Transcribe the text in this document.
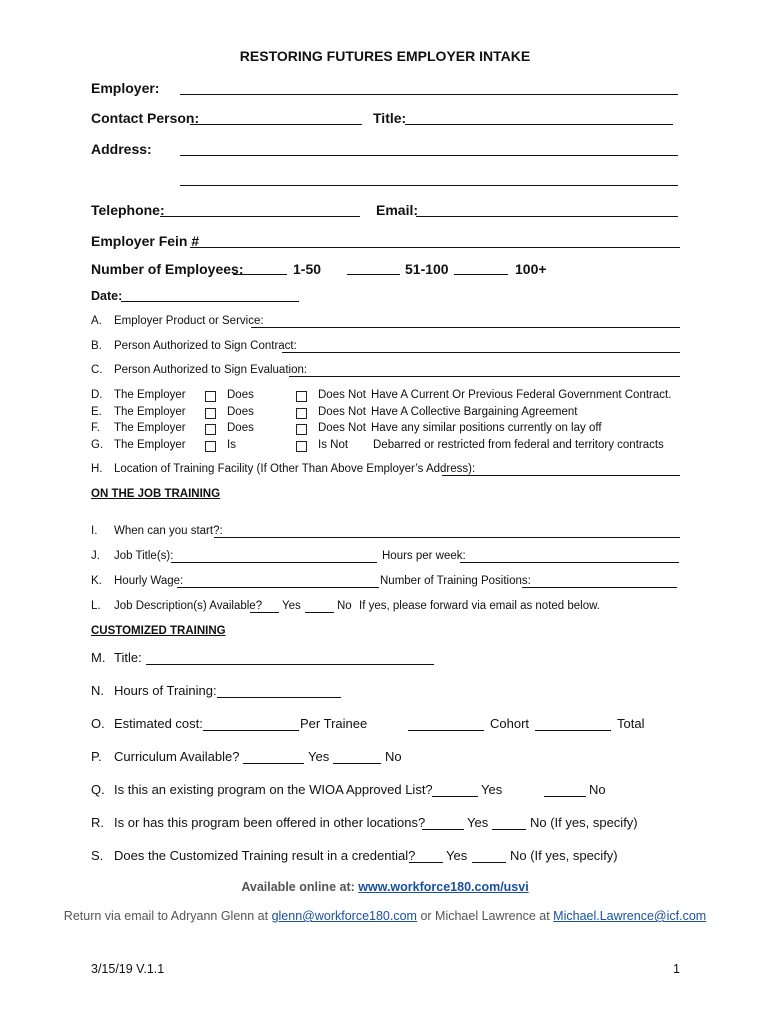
RESTORING FUTURES EMPLOYER INTAKE
Employer:
Contact Person:	Title:
Address:
Telephone:	Email:
Employer Fein #
Number of Employees:	1-50	51-100	100+
Date:
A. Employer Product or Service:
B. Person Authorized to Sign Contract:
C. Person Authorized to Sign Evaluation:
D. The Employer	Does	Does Not Have A Current Or Previous Federal Government Contract.
E. The Employer	Does	Does Not Have A Collective Bargaining Agreement
F. The Employer	Does	Does Not Have any similar positions currently on lay off
G. The Employer	Is	Is Not Debarred or restricted from federal and territory contracts
H. Location of Training Facility (If Other Than Above Employer’s Address):
ON THE JOB TRAINING
I. When can you start?:
J. Job Title(s):	Hours per week:
K. Hourly Wage:	Number of Training Positions:
L. Job Description(s) Available? Yes	No If yes, please forward via email as noted below.
CUSTOMIZED TRAINING
M. Title:
N. Hours of Training:
O. Estimated cost:	Per Trainee	Cohort	Total
P. Curriculum Available?	Yes	No
Q. Is this an existing program on the WIOA Approved List?	Yes	No
R. Is or has this program been offered in other locations?	Yes	No (If yes, specify)
S. Does the Customized Training result in a credential? Yes	No (If yes, specify)
Available online at: www.workforce180.com/usvi
Return via email to Adryann Glenn at glenn@workforce180.com or Michael Lawrence at Michael.Lawrence@icf.com
3/15/19 V.1.1	1
